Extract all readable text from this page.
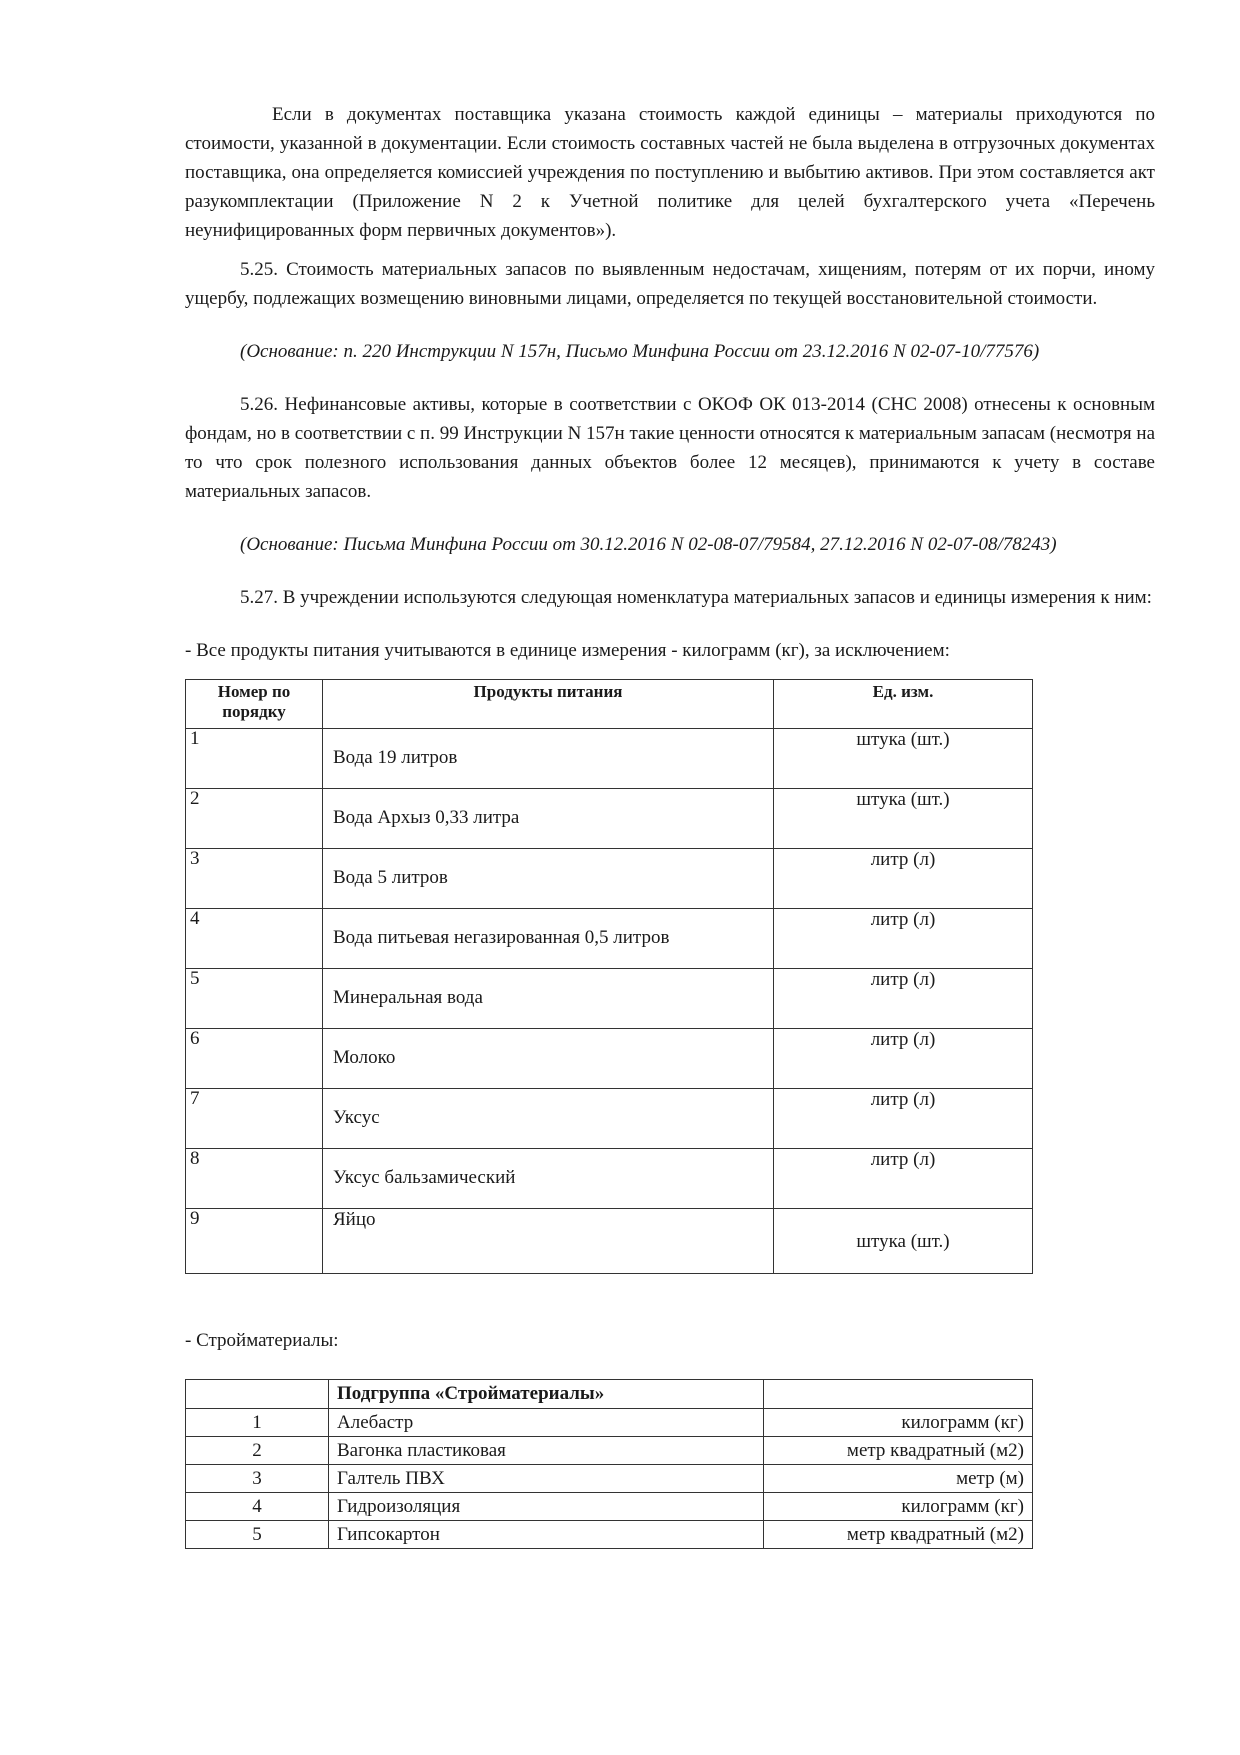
Если в документах поставщика указана стоимость каждой единицы – материалы приходуются по стоимости, указанной в документации. Если стоимость составных частей не была выделена в отгрузочных документах поставщика, она определяется комиссией учреждения по поступлению и выбытию активов. При этом составляется акт разукомплектации (Приложение N 2 к Учетной политике для целей бухгалтерского учета «Перечень неунифицированных форм первичных документов»).

5.25. Стоимость материальных запасов по выявленным недостачам, хищениям, потерям от их порчи, иному ущербу, подлежащих возмещению виновными лицами, определяется по текущей восстановительной стоимости.

(Основание: п. 220 Инструкции N 157н, Письмо Минфина России от 23.12.2016 N 02-07-10/77576)

5.26. Нефинансовые активы, которые в соответствии с ОКОФ ОК 013-2014 (СНС 2008) отнесены к основным фондам, но в соответствии с п. 99 Инструкции N 157н такие ценности относятся к материальным запасам (несмотря на то что срок полезного использования данных объектов более 12 месяцев), принимаются к учету в составе материальных запасов.

(Основание: Письма Минфина России от 30.12.2016 N 02-08-07/79584, 27.12.2016 N 02-07-08/78243)

5.27. В учреждении используются следующая номенклатура материальных запасов и единицы измерения к ним:

- Все продукты питания учитываются в единице измерения - килограмм (кг), за исключением:

Номер по порядку	Продукты питания	Ед. изм.
1	Вода 19 литров	штука (шт.)
2	Вода Архыз 0,33 литра	штука (шт.)
3	Вода 5 литров	литр (л)
4	Вода питьевая негазированная 0,5 литров	литр (л)
5	Минеральная вода	литр (л)
6	Молоко	литр (л)
7	Уксус	литр (л)
8	Уксус бальзамический	литр (л)
9	Яйцо	штука (шт.)

- Стройматериалы:

	Подгруппа «Стройматериалы»	
1	Алебастр	килограмм (кг)
2	Вагонка пластиковая	метр квадратный (м2)
3	Галтель ПВХ	метр (м)
4	Гидроизоляция	килограмм (кг)
5	Гипсокартон	метр квадратный (м2)
